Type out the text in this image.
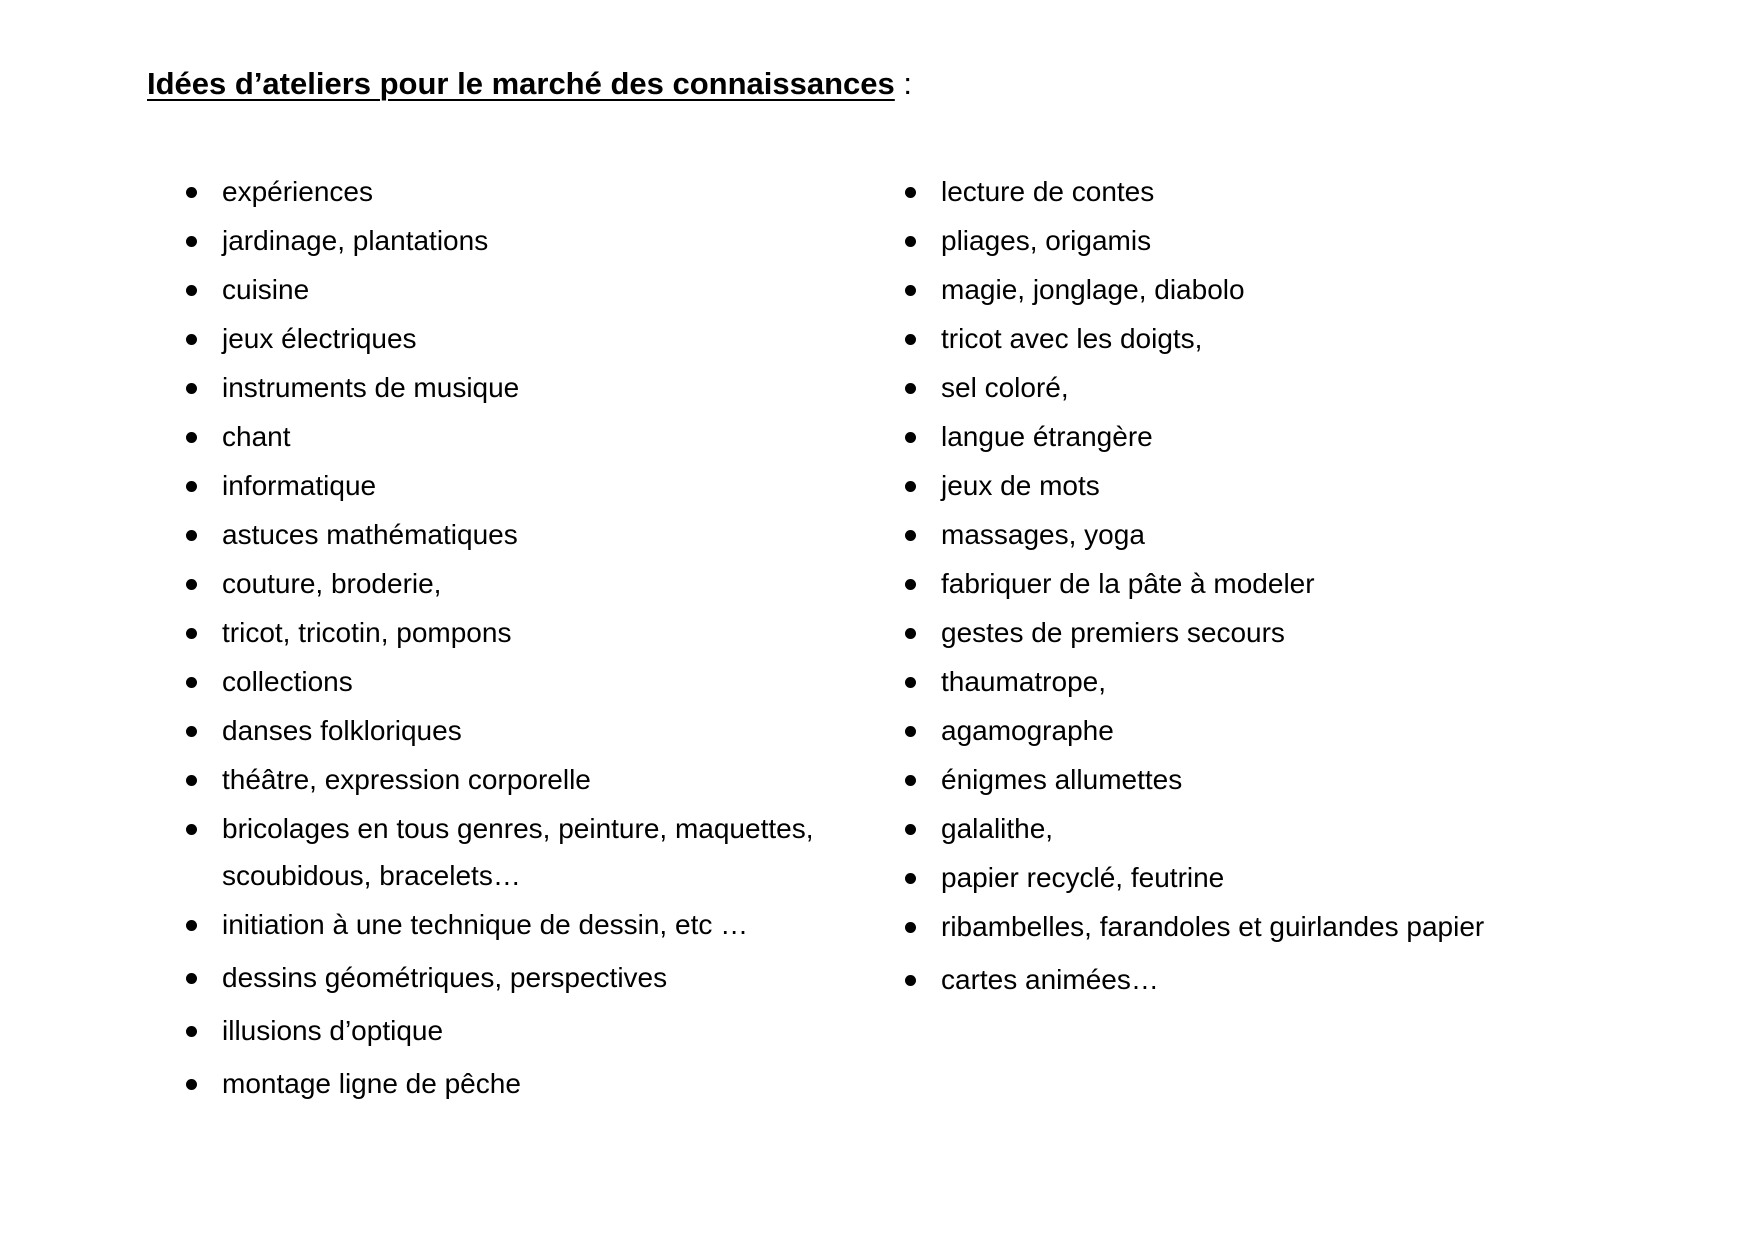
Idées d’ateliers pour le marché des connaissances :
expériences
jardinage, plantations
cuisine
jeux électriques
instruments de musique
chant
informatique
astuces mathématiques
couture, broderie,
tricot, tricotin, pompons
collections
danses folkloriques
théâtre, expression corporelle
bricolages en tous genres, peinture, maquettes,
scoubidous, bracelets…
initiation à une technique de dessin, etc …
dessins géométriques, perspectives
illusions d’optique
montage ligne de pêche
lecture de contes
pliages, origamis
magie, jonglage, diabolo
tricot avec les doigts,
sel coloré,
langue étrangère
jeux de mots
massages, yoga
fabriquer de la pâte à modeler
gestes de premiers secours
thaumatrope,
agamographe
énigmes allumettes
galalithe,
papier recyclé, feutrine
ribambelles, farandoles et guirlandes papier
cartes animées…
